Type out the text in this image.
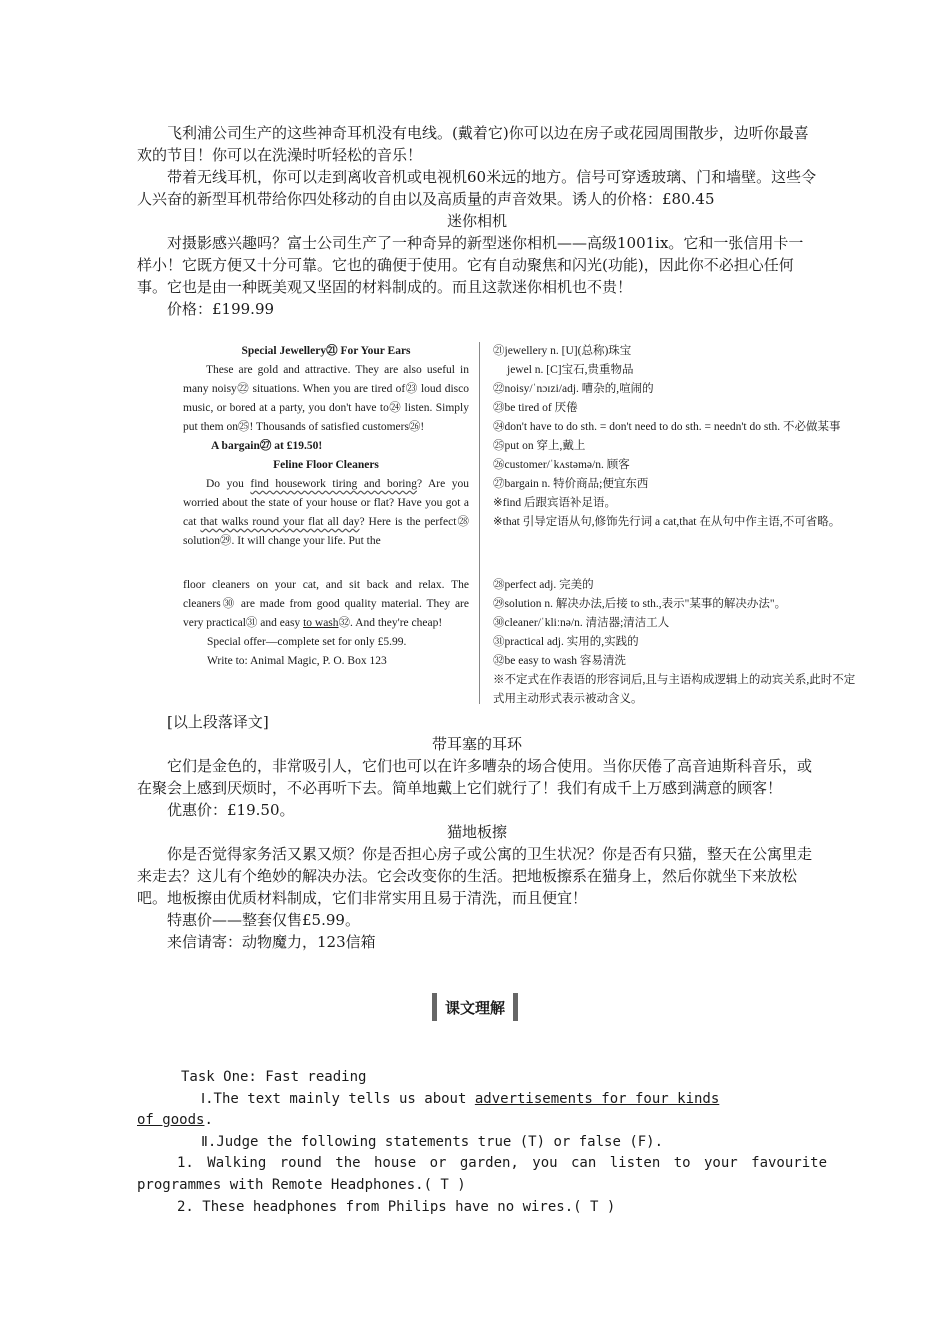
飞利浦公司生产的这些神奇耳机没有电线。(戴着它)你可以边在房子或花园周围散步，边听你最喜欢的节目！你可以在洗澡时听轻松的音乐！

带着无线耳机，你可以走到离收音机或电视机60米远的地方。信号可穿透玻璃、门和墙壁。这些令人兴奋的新型耳机带给你四处移动的自由以及高质量的声音效果。诱人的价格：£80.45

迷你相机

对摄影感兴趣吗？富士公司生产了一种奇异的新型迷你相机——高级1001ix。它和一张信用卡一样小！它既方便又十分可靠。它也的确便于使用。它有自动聚焦和闪光(功能)，因此你不必担心任何事。它也是由一种既美观又坚固的材料制成的。而且这款迷你相机也不贵！

价格：£199.99

Special Jewellery㉑ For Your Ears

These are gold and attractive. They are also useful in many noisy㉒ situations. When you are tired of㉓ loud disco music, or bored at a party, you don't have to㉔ listen. Simply put them on㉕! Thousands of satisfied customers㉖!

A bargain㉗ at £19.50!

Feline Floor Cleaners

Do you find housework tiring and boring? Are you worried about the state of your house or flat? Have you got a cat that walks round your flat all day? Here is the perfect㉘ solution㉙. It will change your life. Put the

floor cleaners on your cat, and sit back and relax. The cleaners㉚ are made from good quality material. They are very practical㉛ and easy to wash㉜. And they're cheap!

Special offer—complete set for only £5.99.

Write to: Animal Magic, P. O. Box 123

㉑jewellery n. [U](总称)珠宝

jewel n. [C]宝石,贵重物品

㉒noisy/ˈnɔɪzi/adj. 嘈杂的,喧闹的

㉓be tired of 厌倦

㉔don't have to do sth. = don't need to do sth. = needn't do sth. 不必做某事

㉕put on 穿上,戴上

㉖customer/ˈkʌstəmə/n. 顾客

㉗bargain n. 特价商品;便宜东西

※find 后跟宾语补足语。

※that 引导定语从句,修饰先行词 a cat,that 在从句中作主语,不可省略。

㉘perfect adj. 完美的

㉙solution n. 解决办法,后接 to sth.,表示"某事的解决办法"。

㉚cleaner/ˈkliːnə/n. 清洁器;清洁工人

㉛practical adj. 实用的,实践的

㉜be easy to wash 容易清洗

※不定式在作表语的形容词后,且与主语构成逻辑上的动宾关系,此时不定式用主动形式表示被动含义。

[以上段落译文]

带耳塞的耳环

它们是金色的，非常吸引人，它们也可以在许多嘈杂的场合使用。当你厌倦了高音迪斯科音乐，或在聚会上感到厌烦时，不必再听下去。简单地戴上它们就行了！我们有成千上万感到满意的顾客！

优惠价：£19.50。

猫地板擦

你是否觉得家务活又累又烦？你是否担心房子或公寓的卫生状况？你是否有只猫，整天在公寓里走来走去？这儿有个绝妙的解决办法。它会改变你的生活。把地板擦系在猫身上，然后你就坐下来放松吧。地板擦由优质材料制成，它们非常实用且易于清洗，而且便宜！

特惠价——整套仅售£5.99。

来信请寄：动物魔力，123信箱

课文理解

Task One: Fast reading

Ⅰ.The text mainly tells us about advertisements for four kinds

of goods.

Ⅱ.Judge the following statements true (T) or false (F).

1. Walking round the house or garden, you can listen to your favourite programmes with Remote Headphones.( T )

2. These headphones from Philips have no wires.( T )
